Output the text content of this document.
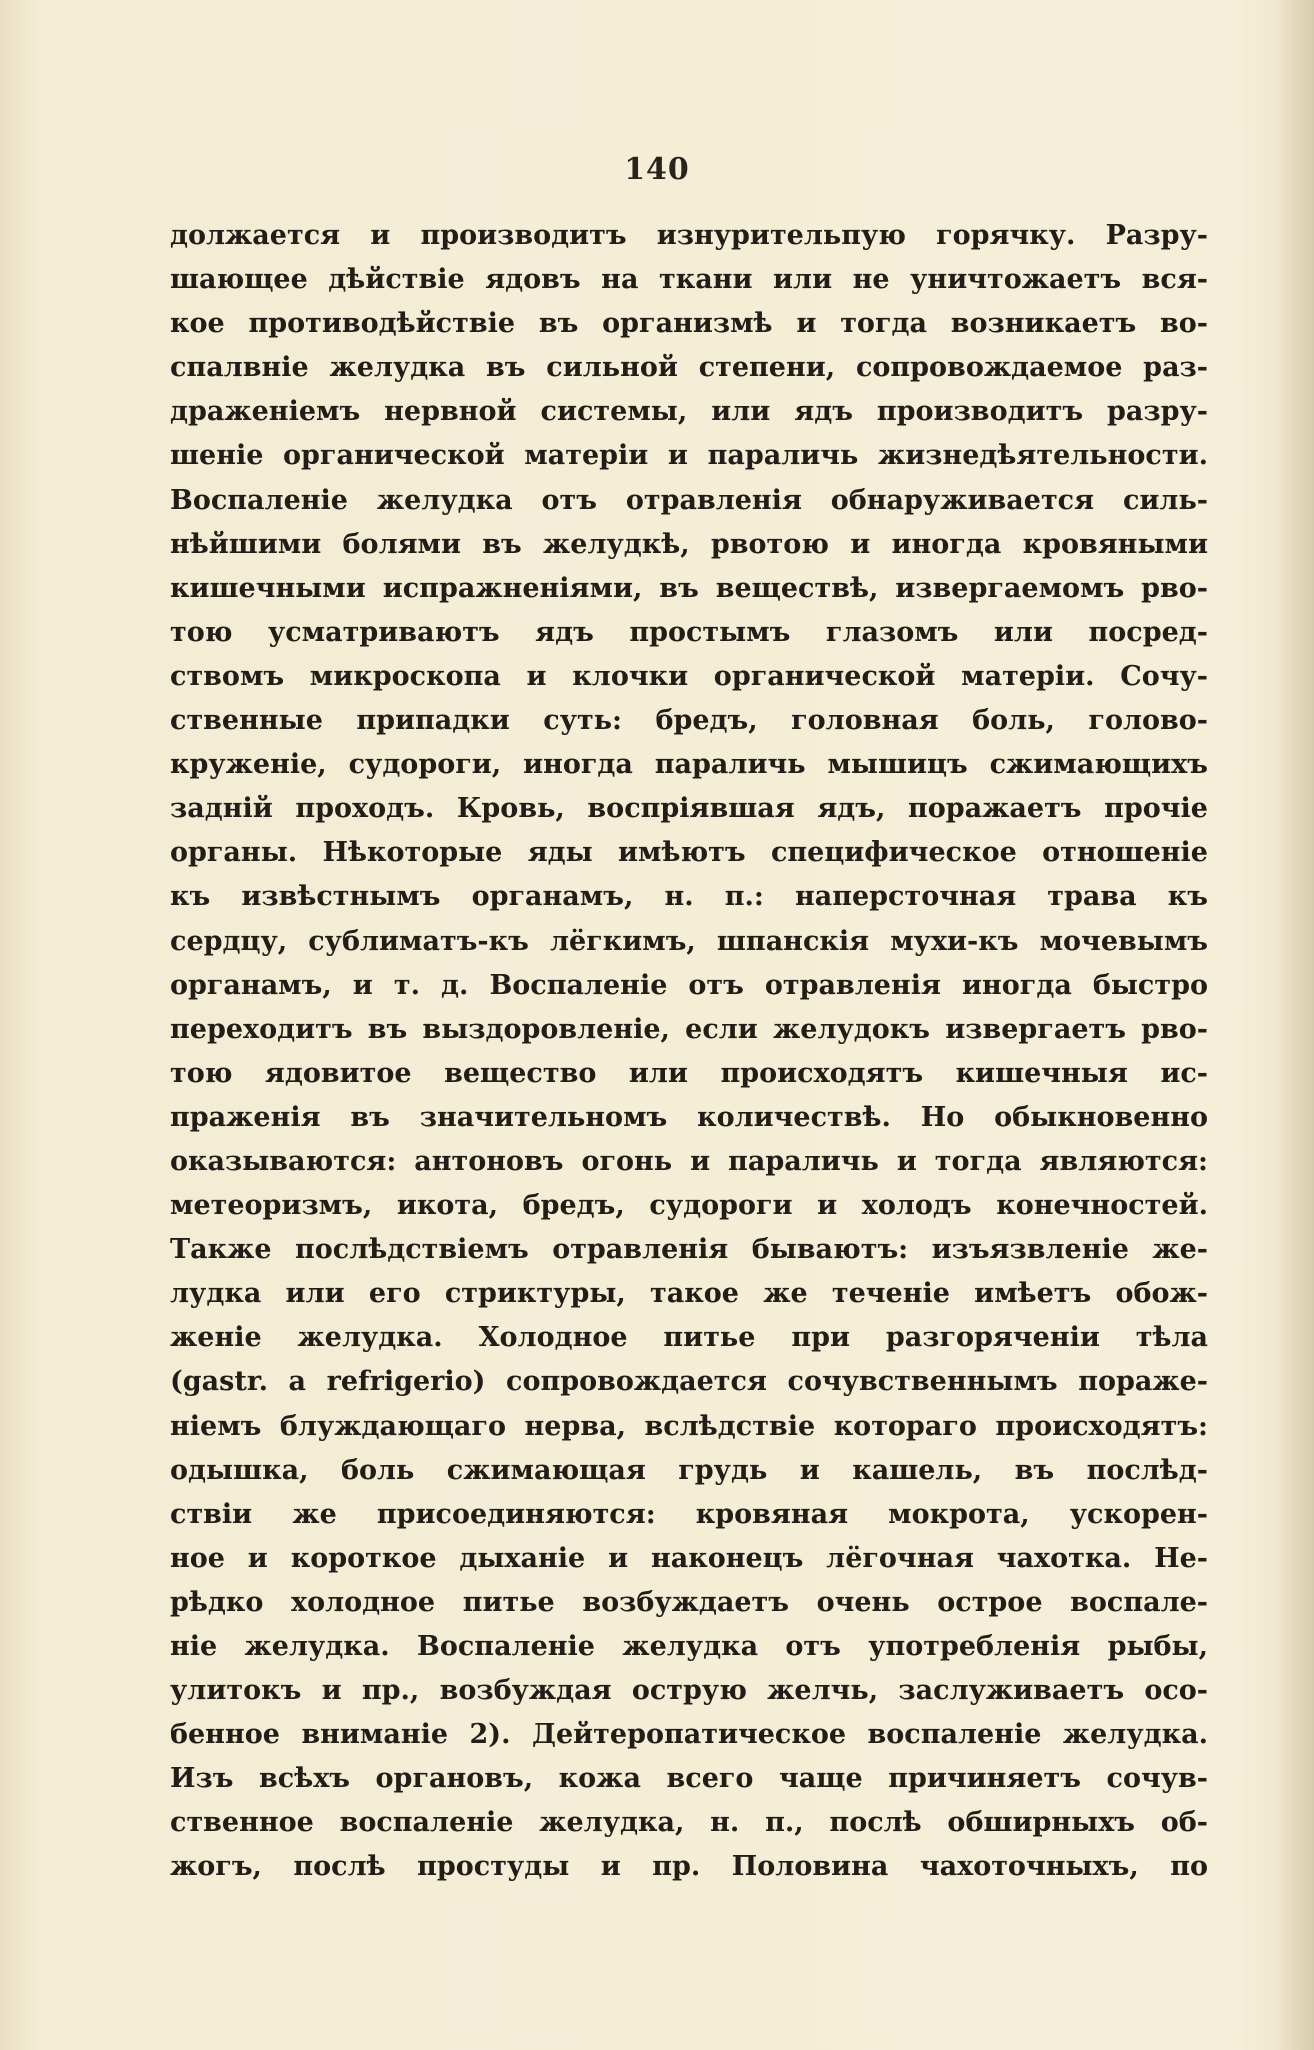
140
должается и производитъ изнурительпую горячку. Разру-
шающее дѣйствіе ядовъ на ткани или не уничтожаетъ вся-
кое противодѣйствіе въ организмѣ и тогда возникаетъ во-
спалвніе желудка въ сильной степени, сопровождаемое раз-
драженіемъ нервной системы, или ядъ производитъ разру-
шеніе органической матеріи и параличь жизнедѣятельности.
Воспаленіе желудка отъ отравленія обнаруживается силь-
нѣйшими болями въ желудкѣ, рвотою и иногда кровяными
кишечными испражненіями, въ веществѣ, извергаемомъ рво-
тою усматриваютъ ядъ простымъ глазомъ или посред-
ствомъ микроскопа и клочки органической матеріи. Сочу-
ственные припадки суть: бредъ, головная боль, голово-
круженіе, судороги, иногда параличь мышицъ сжимающихъ
задній проходъ. Кровь, воспріявшая ядъ, поражаетъ прочіе
органы. Нѣкоторые яды имѣютъ специфическое отношеніе
къ извѣстнымъ органамъ, н. п.: наперсточная трава къ
сердцу, сублиматъ-къ лёгкимъ, шпанскія мухи-къ мочевымъ
органамъ, и т. д. Воспаленіе отъ отравленія иногда быстро
переходитъ въ выздоровленіе, если желудокъ извергаетъ рво-
тою ядовитое вещество или происходятъ кишечныя ис-
праженія въ значительномъ количествѣ. Но обыкновенно
оказываются: антоновъ огонь и параличь и тогда являются:
метеоризмъ, икота, бредъ, судороги и холодъ конечностей.
Также послѣдствіемъ отравленія бываютъ: изъязвленіе же-
лудка или его стриктуры, такое же теченіе имѣетъ обож-
женіе желудка. Холодное питье при разгоряченіи тѣла
(gastr. a refrigerio) сопровождается сочувственнымъ пораже-
ніемъ блуждающаго нерва, вслѣдствіе котораго происходятъ:
одышка, боль сжимающая грудь и кашель, въ послѣд-
ствіи же присоединяются: кровяная мокрота, ускорен-
ное и короткое дыханіе и наконецъ лёгочная чахотка. Не-
рѣдко холодное питье возбуждаетъ очень острое воспале-
ніе желудка. Воспаленіе желудка отъ употребленія рыбы,
улитокъ и пр., возбуждая острую желчь, заслуживаетъ осо-
бенное вниманіе 2). Дейтеропатическое воспаленіе желудка.
Изъ всѣхъ органовъ, кожа всего чаще причиняетъ сочув-
ственное воспаленіе желудка, н. п., послѣ обширныхъ об-
жогъ, послѣ простуды и пр. Половина чахоточныхъ, по
